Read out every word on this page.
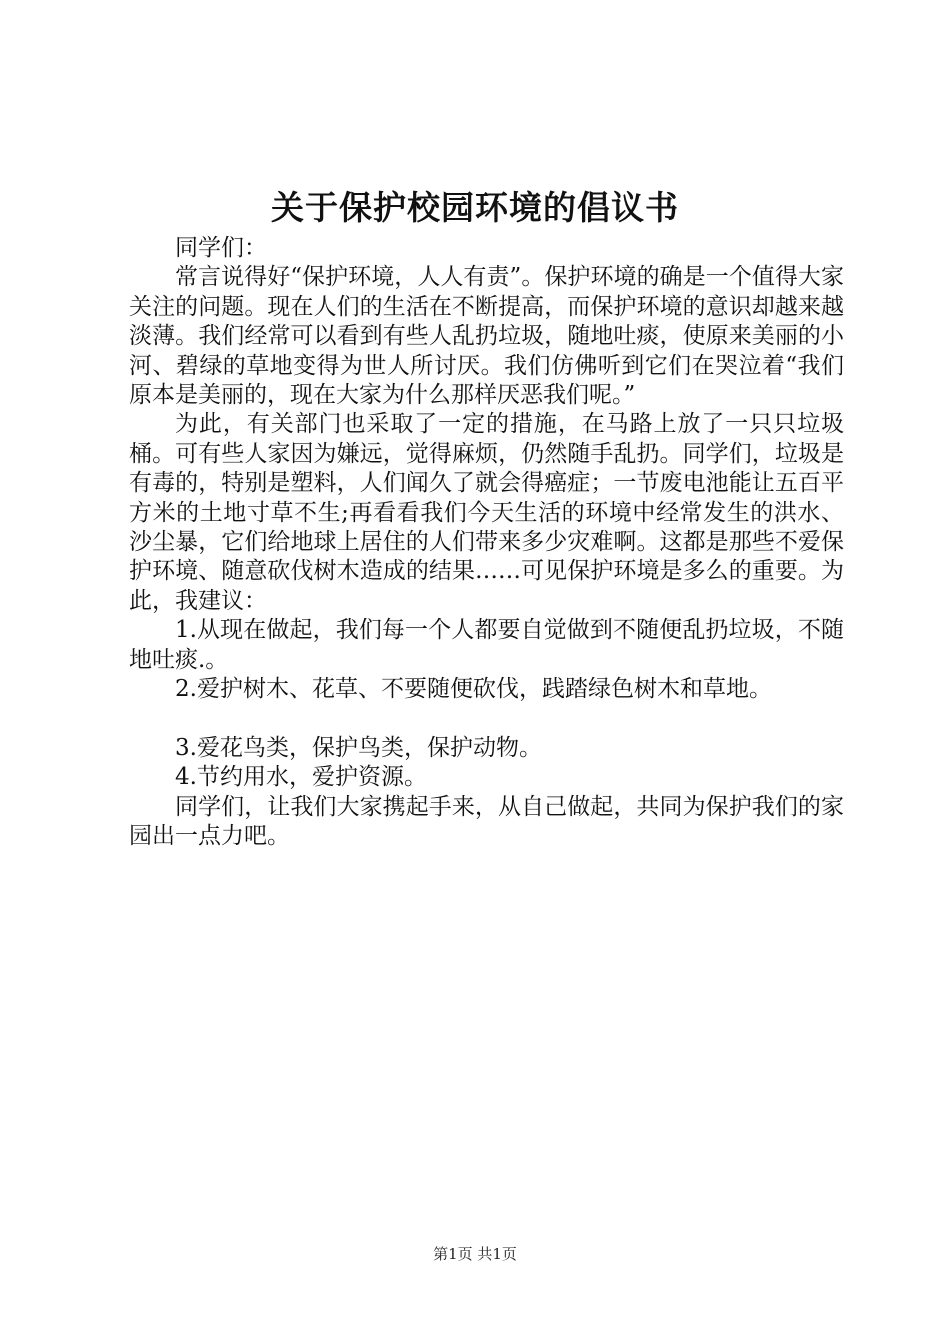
关于保护校园环境的倡议书

同学们：

常言说得好“保护环境，人人有责”。保护环境的确是一个值得大家关注的问题。现在人们的生活在不断提高，而保护环境的意识却越来越淡薄。我们经常可以看到有些人乱扔垃圾，随地吐痰，使原来美丽的小河、碧绿的草地变得为世人所讨厌。我们仿佛听到它们在哭泣着“我们原本是美丽的，现在大家为什么那样厌恶我们呢。”

为此，有关部门也采取了一定的措施，在马路上放了一只只垃圾桶。可有些人家因为嫌远，觉得麻烦，仍然随手乱扔。同学们，垃圾是有毒的，特别是塑料，人们闻久了就会得癌症；一节废电池能让五百平方米的土地寸草不生;再看看我们今天生活的环境中经常发生的洪水、沙尘暴，它们给地球上居住的人们带来多少灾难啊。这都是那些不爱保护环境、随意砍伐树木造成的结果……可见保护环境是多么的重要。为此，我建议：

1.从现在做起，我们每一个人都要自觉做到不随便乱扔垃圾，不随地吐痰.。

2.爱护树木、花草、不要随便砍伐，践踏绿色树木和草地。

3.爱花鸟类，保护鸟类，保护动物。

4.节约用水，爱护资源。

同学们，让我们大家携起手来，从自己做起，共同为保护我们的家园出一点力吧。

第1页 共1页
